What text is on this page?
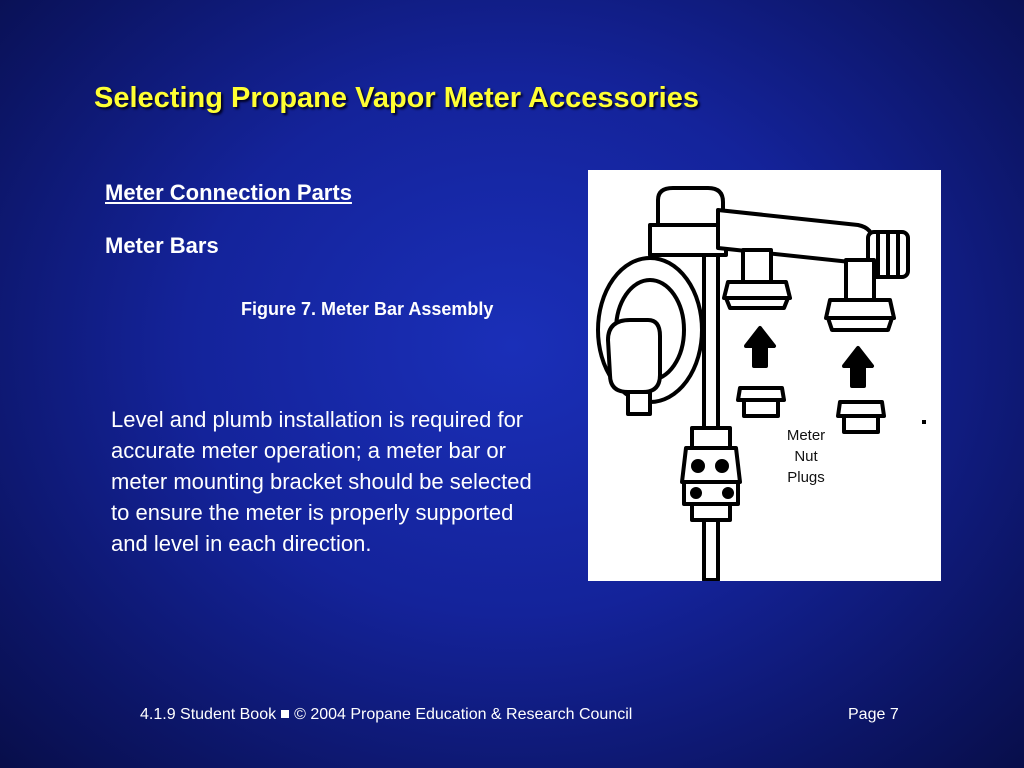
Selecting Propane Vapor Meter Accessories
Meter Connection Parts
Meter Bars
Figure 7. Meter Bar Assembly
Level and plumb installation is required for accurate meter operation; a meter bar or meter mounting bracket should be selected to ensure the meter is properly supported and level in each direction.
Meter
Nut
Plugs
4.1.9 Student Book © 2004 Propane Education & Research Council	Page 7
